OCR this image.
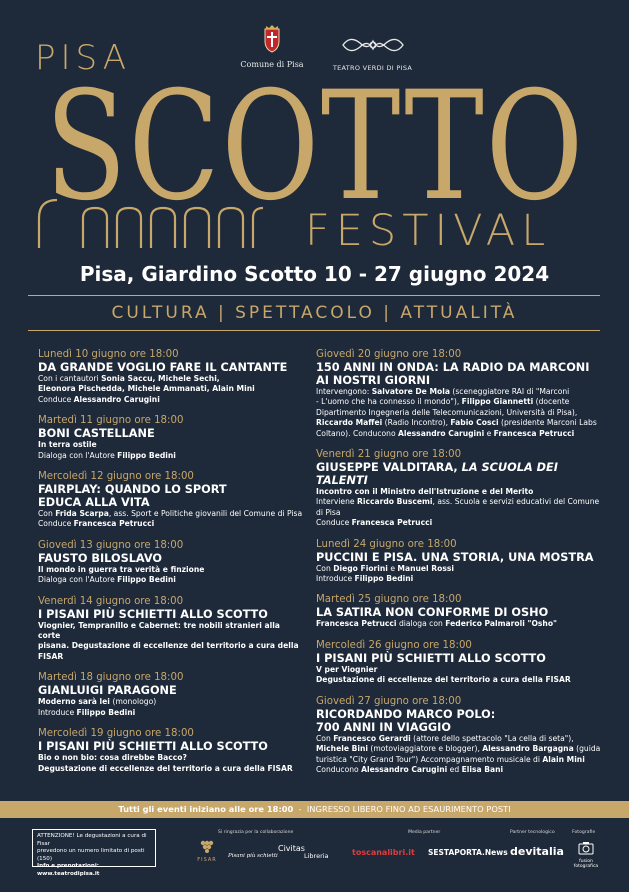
PISA	Comune di Pisa	TEATRO VERDI DI PISA
SCOTTO
FESTIVAL
Pisa, Giardino Scotto 10 - 27 giugno 2024
CULTURA | SPETTACOLO | ATTUALITÀ
Lunedì 10 giugno ore 18:00
DA GRANDE VOGLIO FARE IL CANTANTE
Con i cantautori Sonia Saccu, Michele Sechi,
Eleonora Pischedda, Michele Ammanati, Alain Mini
Conduce Alessandro Carugini
Martedì 11 giugno ore 18:00
BONI CASTELLANE
In terra ostile
Dialoga con l'Autore Filippo Bedini
Mercoledì 12 giugno ore 18:00
FAIRPLAY: QUANDO LO SPORT
EDUCA ALLA VITA
Con Frida Scarpa, ass. Sport e Politiche giovanili del Comune di Pisa
Conduce Francesca Petrucci
Giovedì 13 giugno ore 18:00
FAUSTO BILOSLAVO
Il mondo in guerra tra verità e finzione
Dialoga con l'Autore Filippo Bedini
Venerdì 14 giugno ore 18:00
I PISANI PIÙ SCHIETTI ALLO SCOTTO
Viognier, Tempranillo e Cabernet: tre nobili stranieri alla corte
pisana. Degustazione di eccellenze del territorio a cura della FISAR
Martedì 18 giugno ore 18:00
GIANLUIGI PARAGONE
Moderno sarà lei (monologo)
Introduce Filippo Bedini
Mercoledì 19 giugno ore 18:00
I PISANI PIÙ SCHIETTI ALLO SCOTTO
Bio o non bio: cosa direbbe Bacco?
Degustazione di eccellenze del territorio a cura della FISAR
Giovedì 20 giugno ore 18:00
150 ANNI IN ONDA: LA RADIO DA MARCONI
AI NOSTRI GIORNI
Intervengono: Salvatore De Mola (sceneggiatore RAI di "Marconi
- L'uomo che ha connesso il mondo"), Filippo Giannetti (docente
Dipartimento Ingegneria delle Telecomunicazioni, Università di Pisa),
Riccardo Maffei (Radio Incontro), Fabio Cosci (presidente Marconi Labs
Coltano). Conducono Alessandro Carugini e Francesca Petrucci
Venerdì 21 giugno ore 18:00
GIUSEPPE VALDITARA, LA SCUOLA DEI TALENTI
Incontro con il Ministro dell'Istruzione e del Merito
Interviene Riccardo Buscemi, ass. Scuola e servizi educativi del Comune di Pisa
Conduce Francesca Petrucci
Lunedì 24 giugno ore 18:00
PUCCINI E PISA. UNA STORIA, UNA MOSTRA
Con Diego Fiorini e Manuel Rossi
Introduce Filippo Bedini
Martedì 25 giugno ore 18:00
LA SATIRA NON CONFORME DI OSHO
Francesca Petrucci dialoga con Federico Palmaroli "Osho"
Mercoledì 26 giugno ore 18:00
I PISANI PIÙ SCHIETTI ALLO SCOTTO
V per Viognier
Degustazione di eccellenze del territorio a cura della FISAR
Giovedì 27 giugno ore 18:00
RICORDANDO MARCO POLO:
700 ANNI IN VIAGGIO
Con Francesco Gerardi (attore dello spettacolo "La cella di seta"),
Michele Bini (motoviaggiatore e blogger), Alessandro Bargagna (guida
turistica "City Grand Tour") Accompagnamento musicale di Alain Mini
Conducono Alessandro Carugini ed Elisa Bani
Tutti gli eventi iniziano alle ore 18:00  -  INGRESSO LIBERO FINO AD ESAURIMENTO POSTI
ATTENZIONE! Le degustazioni a cura di Fisar
prevedono un numero limitato di posti (150)
Info e prenotazioni: www.teatrodipisa.it
Si ringrazia per la collaborazione	Media partner	Partner tecnologico	Fotografie
FISAR
Pisani più schietti
Civitas
Libreria	toscanalibri.it SESTAPORTA.News devitalia
fusion fotografica
